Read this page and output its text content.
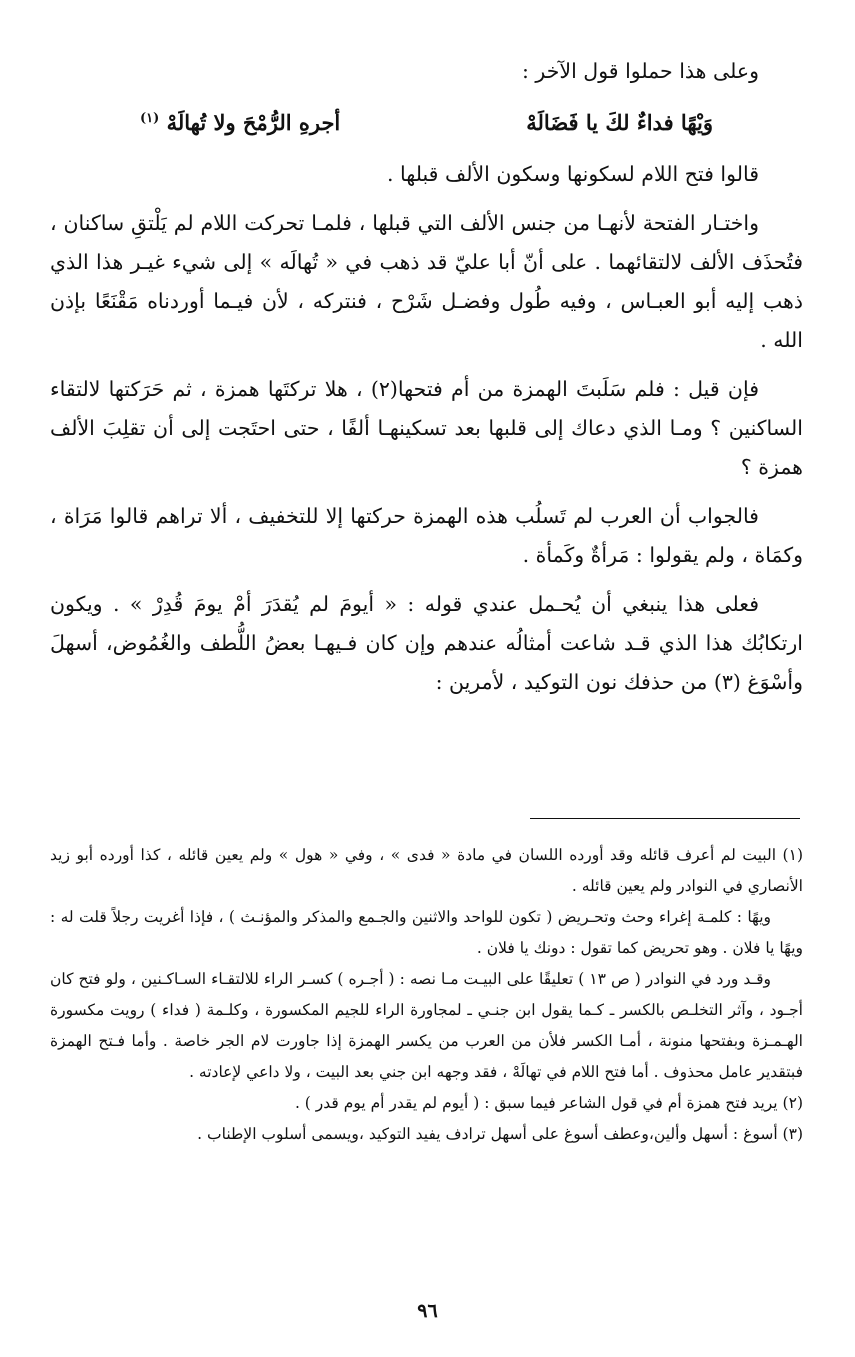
وعلى هذا حملوا قول الآخر :

وَيْهًا فداءٌ لكَ يا فَضَالَهْ
أجرهِ الرُّمْحَ ولا تُهالَهْ $^{(١)}$

قالوا فتح اللام لسكونها وسكون الألف قبلها .

واختـار الفتحة لأنهـا من جنس الألف التي قبلها ، فلمـا تحركت اللام لم يَلْتقِ ساكنان ، فتُحذَف الألف لالتقائهما . على أنّ أبا عليّ قد ذهب في « تُهالَه » إلى شيء غيـر هذا الذي ذهب إليه أبو العبـاس ، وفيه طُول وفضـل شَرْح ، فنتركه ، لأن فيـما أوردناه مَقْنَعًا بإذن الله .

فإن قيل : فلم سَلَبتَ الهمزة من أم فتحها(٢) ، هلا تركتَها همزة ، ثم حَرَكتها لالتقاء الساكنين ؟ ومـا الذي دعاك إلى قلبها بعد تسكينهـا ألفًا ، حتى احتَجت إلى أن تقلِبَ الألف همزة ؟

فالجواب أن العرب لم تَسلُب هذه الهمزة حركتها إلا للتخفيف ، ألا تراهم قالوا مَرَاة ، وكمَاة ، ولم يقولوا : مَرأةٌ وكَمأة .

فعلى هذا ينبغي أن يُحـمل عندي قوله : « أيومَ لم يُقدَرَ أمْ يومَ قُدِرْ » . ويكون ارتكابُك هذا الذي قـد شاعت أمثالُه عندهم وإن كان فـيهـا بعضُ اللُّطف والغُمُوض، أسهلَ وأسْوَغ (٣) من حذفك نون التوكيد ، لأمرين :

(١) البيت لم أعرف قائله وقد أورده اللسان في مادة « فدى » ، وفي « هول » ولم يعين قائله ، كذا أورده أبو زيد الأنصاري في النوادر ولم يعين قائله .

ويهًا : كلمـة إغراء وحث وتحـريض ( تكون للواحد والاثنين والجـمع والمذكر والمؤنـث ) ، فإذا أغريت رجلاً قلت له : ويهًا يا فلان . وهو تحريض كما تقول : دونك يا فلان .

وقـد ورد في النوادر ( ص ١٣ ) تعليقًا على البيـت مـا نصه : ( أجـره ) كسـر الراء للالتقـاء السـاكـنين ، ولو فتح كان أجـود ، وآثر التخلـص بالكسر ـ كـما يقول ابن جنـي ـ لمجاورة الراء للجيم المكسورة ، وكلـمة ( فداء ) رويت مكسورة الهـمـزة وبفتحها منونة ، أمـا الكسر فلأن من العرب من يكسر الهمزة إذا جاورت لام الجر خاصة . وأما فـتح الهمزة فبتقدير عامل محذوف . أما فتح اللام في تهالَهْ ، فقد وجهه ابن جني بعد البيت ، ولا داعي لإعادته .

(٢) يريد فتح همزة أم في قول الشاعر فيما سبق : ( أيوم لم يقدر أم يوم قدر ) .

(٣) أسوغ : أسهل وألين،وعطف أسوغ على أسهل ترادف يفيد التوكيد ،ويسمى أسلوب الإطناب .

٩٦
